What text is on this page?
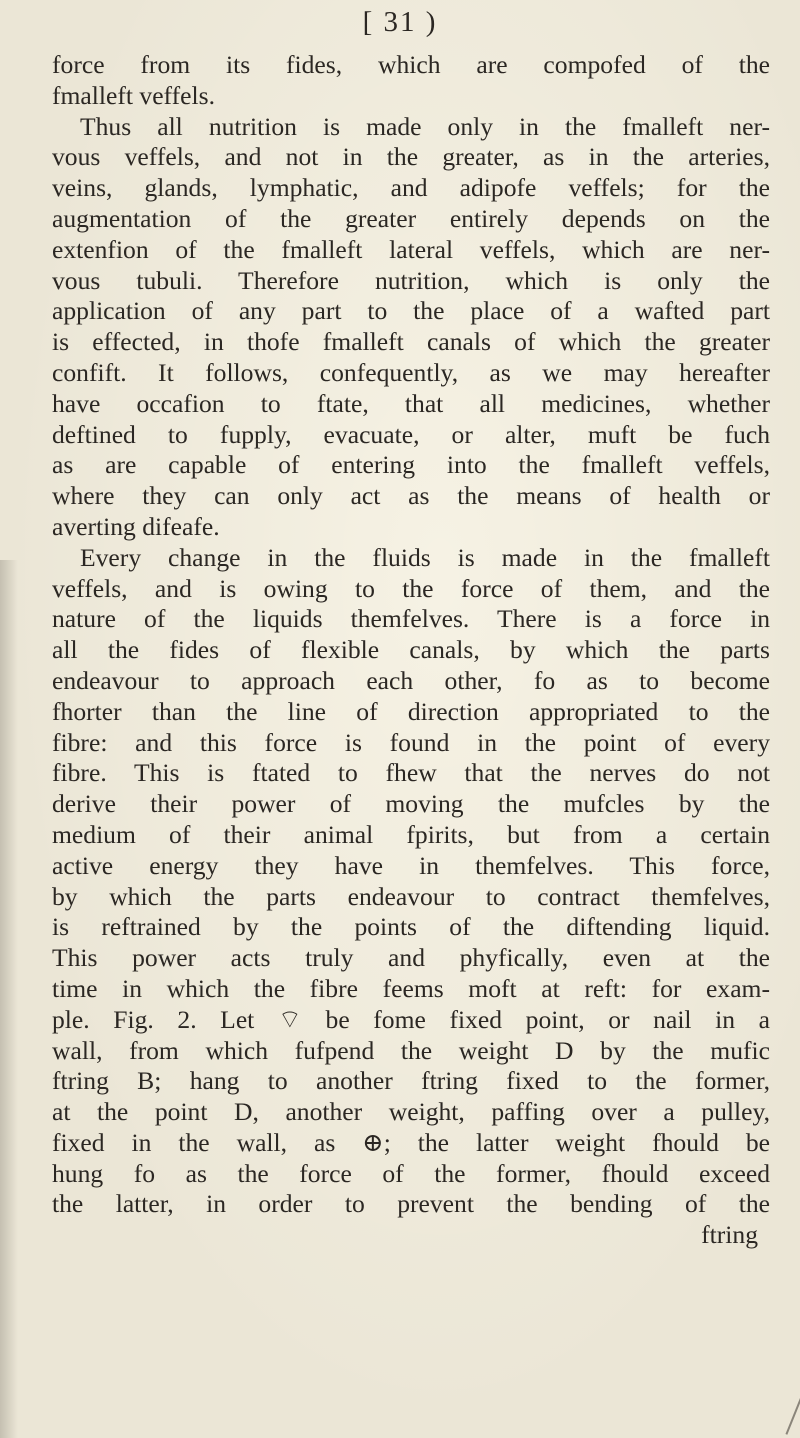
[ 31 )

force from its fides, which are compofed of the
fmalleft veffels.

Thus all nutrition is made only in the fmalleft ner-
vous veffels, and not in the greater, as in the arteries,
veins, glands, lymphatic, and adipofe veffels; for the
augmentation of the greater entirely depends on the
extenfion of the fmalleft lateral veffels, which are ner-
vous tubuli. Therefore nutrition, which is only the
application of any part to the place of a wafted part
is effected, in thofe fmalleft canals of which the greater
confift. It follows, confequently, as we may hereafter
have occafion to ftate, that all medicines, whether
deftined to fupply, evacuate, or alter, muft be fuch
as are capable of entering into the fmalleft veffels,
where they can only act as the means of health or
averting difeafe.

Every change in the fluids is made in the fmalleft
veffels, and is owing to the force of them, and the
nature of the liquids themfelves. There is a force in
all the fides of flexible canals, by which the parts
endeavour to approach each other, fo as to become
fhorter than the line of direction appropriated to the
fibre: and this force is found in the point of every
fibre. This is ftated to fhew that the nerves do not
derive their power of moving the mufcles by the
medium of their animal fpirits, but from a certain
active energy they have in themfelves. This force,
by which the parts endeavour to contract themfelves,
is reftrained by the points of the diftending liquid.
This power acts truly and phyfically, even at the
time in which the fibre feems moft at reft: for exam-
ple. Fig. 2. Let ⌔ be fome fixed point, or nail in a
wall, from which fufpend the weight D by the mufic
ftring B; hang to another ftring fixed to the former,
at the point D, another weight, paffing over a pulley,
fixed in the wall, as ⊕; the latter weight fhould be
hung fo as the force of the former, fhould exceed
the latter, in order to prevent the bending of the

ftring
